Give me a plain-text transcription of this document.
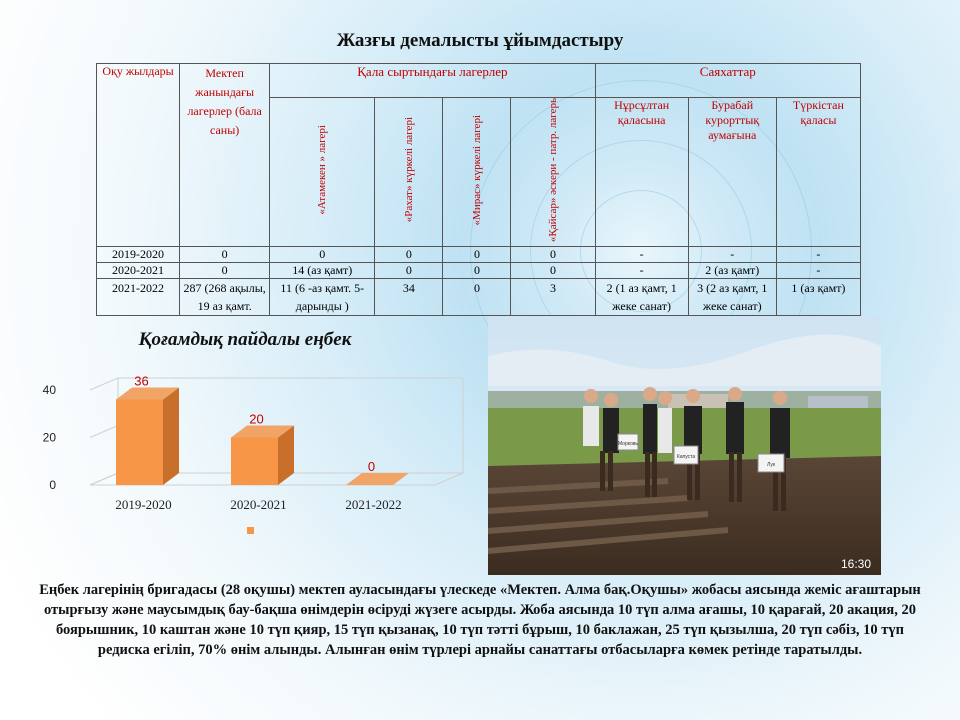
Жазғы демалысты ұйымдастыру
Оқу жылдары	Мектеп жанындағы лагерлер (бала саны)	Қала сыртындағы лагерлер				Саяхаттар		
		«Атамекен » лагері	«Рахат» күркелі лагері	«Мирас» күркелі лагері	«Қайсар» әскери - патр. лагерь	Нұрсұлтан қаласына	Бурабай курорттық аумағына	Түркістан қаласы
2019-2020	0	0	0	0	0	-	-	-
2020-2021	0	14 (аз қамт)	0	0	0	-	2 (аз қамт)	-
2021-2022	287 (268 ақылы, 19 аз қамт.	11 (6 -аз қамт. 5-дарынды )	34	0	3	2 (1 аз қамт, 1 жеке санат)	3 (2 аз қамт, 1 жеке санат)	1 (аз қамт)
Қоғамдық пайдалы еңбек
0
20
40
36
2019-2020
20
2020-2021
0
2021-2022
Капуста
Лук
Морковь
16:30
Еңбек лагерінің бригадасы (28 оқушы) мектеп ауласындағы үлескеде «Мектеп. Алма бақ.Оқушы» жобасы аясында жеміс ағаштарын отырғызу және маусымдық бау-бақша өнімдерін өсіруді жүзеге асырды. Жоба аясында 10 түп алма ағашы, 10 қарағай, 20 акация, 20 боярышник, 10 каштан және 10 түп қияр, 15 түп қызанақ, 10 түп тәтті бұрыш, 10 баклажан, 25 түп қызылша, 20 түп сәбіз, 10 түп редиска егіліп, 70% өнім алынды. Алынған өнім түрлері арнайы санаттағы отбасыларға көмек ретінде таратылды.
